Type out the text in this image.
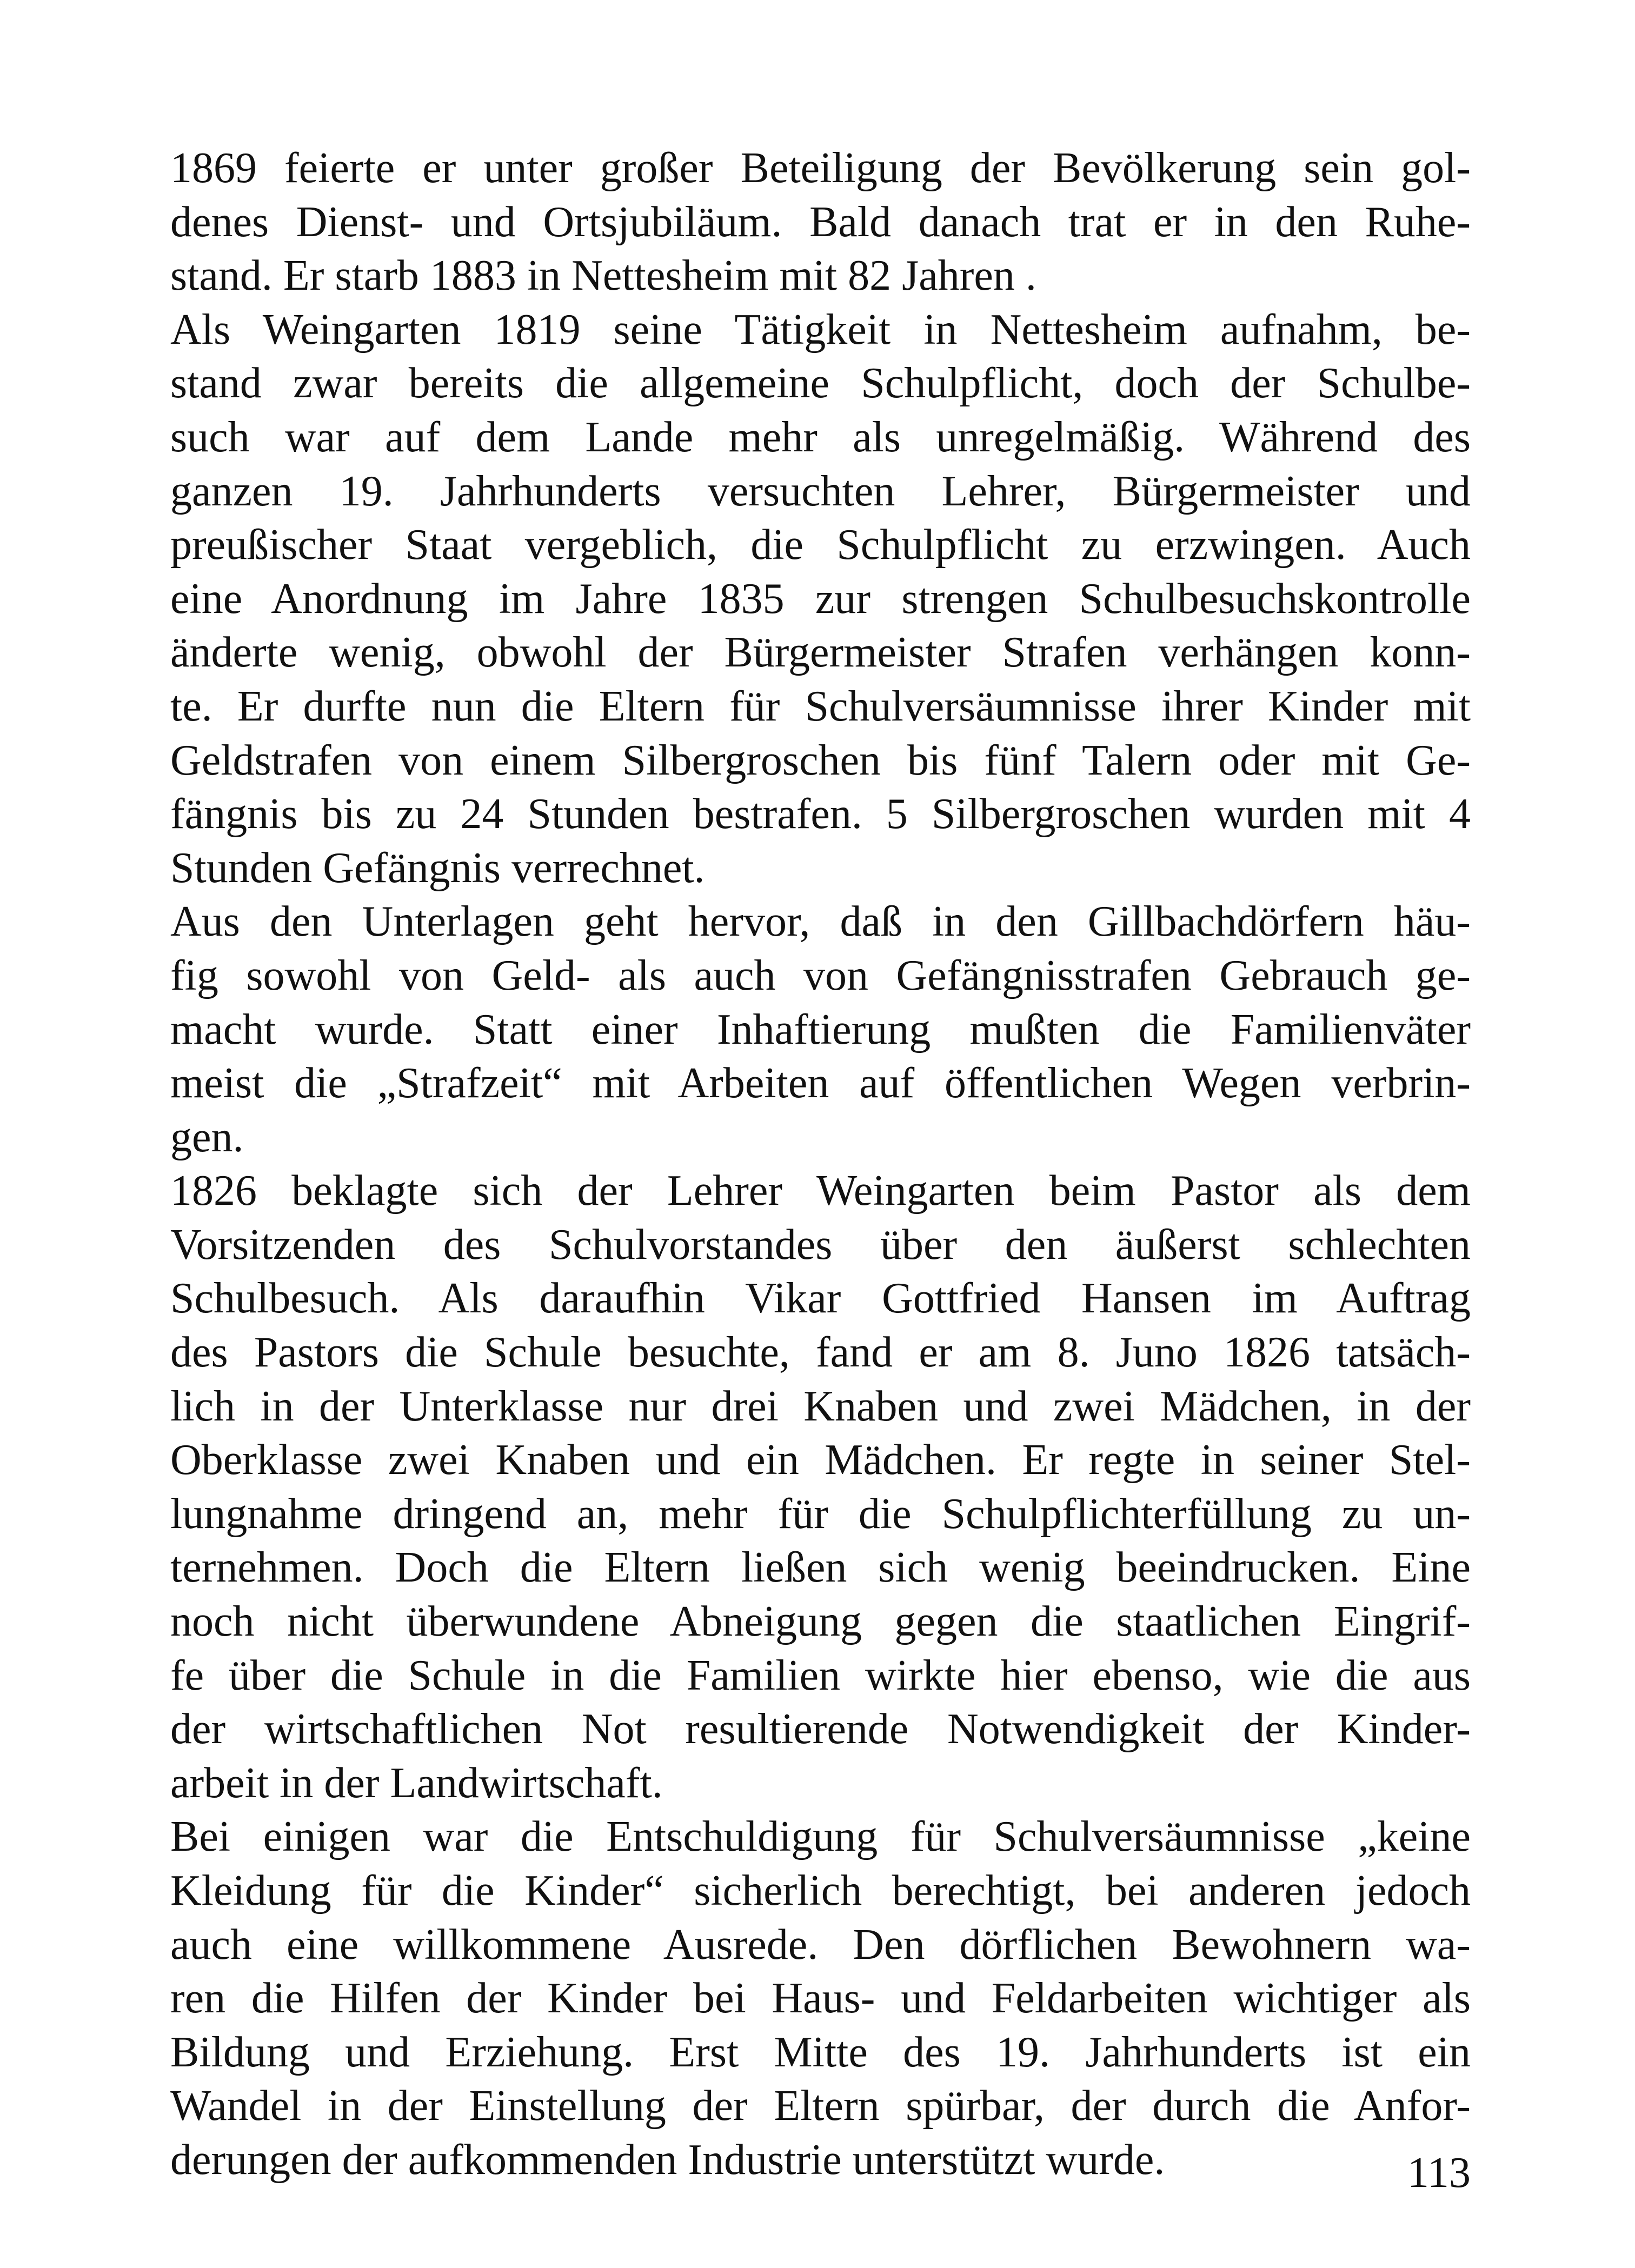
1869 feierte er unter großer Beteiligung der Bevölkerung sein gol-
denes Dienst- und Ortsjubiläum. Bald danach trat er in den Ruhe-
stand. Er starb 1883 in Nettesheim mit 82 Jahren .
Als Weingarten 1819 seine Tätigkeit in Nettesheim aufnahm, be-
stand zwar bereits die allgemeine Schulpflicht, doch der Schulbe-
such war auf dem Lande mehr als unregelmäßig. Während des
ganzen 19. Jahrhunderts versuchten Lehrer, Bürgermeister und
preußischer Staat vergeblich, die Schulpflicht zu erzwingen. Auch
eine Anordnung im Jahre 1835 zur strengen Schulbesuchskontrolle
änderte wenig, obwohl der Bürgermeister Strafen verhängen konn-
te. Er durfte nun die Eltern für Schulversäumnisse ihrer Kinder mit
Geldstrafen von einem Silbergroschen bis fünf Talern oder mit Ge-
fängnis bis zu 24 Stunden bestrafen. 5 Silbergroschen wurden mit 4
Stunden Gefängnis verrechnet.
Aus den Unterlagen geht hervor, daß in den Gillbachdörfern häu-
fig sowohl von Geld- als auch von Gefängnisstrafen Gebrauch ge-
macht wurde. Statt einer Inhaftierung mußten die Familienväter
meist die „Strafzeit“ mit Arbeiten auf öffentlichen Wegen verbrin-
gen.
1826 beklagte sich der Lehrer Weingarten beim Pastor als dem
Vorsitzenden des Schulvorstandes über den äußerst schlechten
Schulbesuch. Als daraufhin Vikar Gottfried Hansen im Auftrag
des Pastors die Schule besuchte, fand er am 8. Juno 1826 tatsäch-
lich in der Unterklasse nur drei Knaben und zwei Mädchen, in der
Oberklasse zwei Knaben und ein Mädchen. Er regte in seiner Stel-
lungnahme dringend an, mehr für die Schulpflichterfüllung zu un-
ternehmen. Doch die Eltern ließen sich wenig beeindrucken. Eine
noch nicht überwundene Abneigung gegen die staatlichen Eingrif-
fe über die Schule in die Familien wirkte hier ebenso, wie die aus
der wirtschaftlichen Not resultierende Notwendigkeit der Kinder-
arbeit in der Landwirtschaft.
Bei einigen war die Entschuldigung für Schulversäumnisse „keine
Kleidung für die Kinder“ sicherlich berechtigt, bei anderen jedoch
auch eine willkommene Ausrede. Den dörflichen Bewohnern wa-
ren die Hilfen der Kinder bei Haus- und Feldarbeiten wichtiger als
Bildung und Erziehung. Erst Mitte des 19. Jahrhunderts ist ein
Wandel in der Einstellung der Eltern spürbar, der durch die Anfor-
derungen der aufkommenden Industrie unterstützt wurde.	113
